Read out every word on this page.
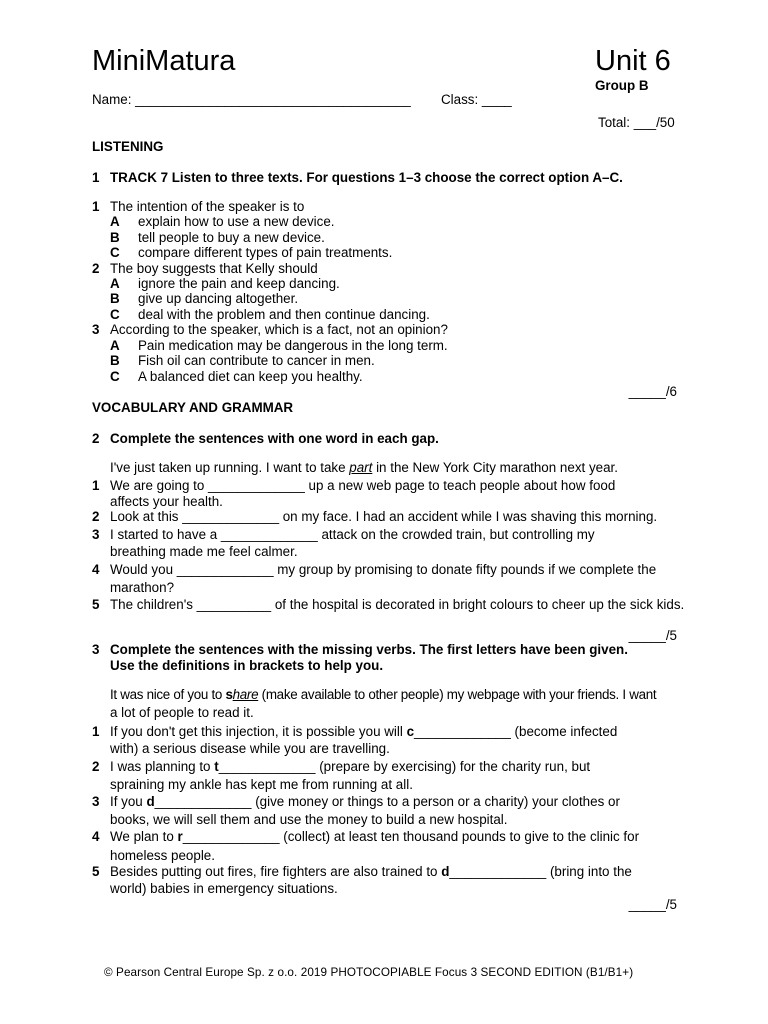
MiniMatura	Unit 6
Group B
Name: _____________________________________ Class: ____
Total: ___/50
LISTENING
1 TRACK 7 Listen to three texts. For questions 1–3 choose the correct option A–C.
1 The intention of the speaker is to
A explain how to use a new device.
B tell people to buy a new device.
C compare different types of pain treatments.
2 The boy suggests that Kelly should
A ignore the pain and keep dancing.
B give up dancing altogether.
C deal with the problem and then continue dancing.
3 According to the speaker, which is a fact, not an opinion?
A Pain medication may be dangerous in the long term.
B Fish oil can contribute to cancer in men.
C A balanced diet can keep you healthy.
_____/6
VOCABULARY AND GRAMMAR
2 Complete the sentences with one word in each gap.
I've just taken up running. I want to take part in the New York City marathon next year.
1 We are going to _____________ up a new web page to teach people about how food
affects your health.
2 Look at this _____________ on my face. I had an accident while I was shaving this morning.
3 I started to have a _____________ attack on the crowded train, but controlling my
breathing made me feel calmer.
4 Would you _____________ my group by promising to donate fifty pounds if we complete the
marathon?
5 The children's __________ of the hospital is decorated in bright colours to cheer up the sick kids.
_____/5
3 Complete the sentences with the missing verbs. The first letters have been given.
Use the definitions in brackets to help you.
It was nice of you to share (make available to other people) my webpage with your friends. I want
a lot of people to read it.
1 If you don't get this injection, it is possible you will c_____________ (become infected
with) a serious disease while you are travelling.
2 I was planning to t_____________ (prepare by exercising) for the charity run, but
spraining my ankle has kept me from running at all.
3 If you d_____________ (give money or things to a person or a charity) your clothes or
books, we will sell them and use the money to build a new hospital.
4 We plan to r_____________ (collect) at least ten thousand pounds to give to the clinic for
homeless people.
5 Besides putting out fires, fire fighters are also trained to d_____________ (bring into the
world) babies in emergency situations.
_____/5
© Pearson Central Europe Sp. z o.o. 2019 PHOTOCOPIABLE Focus 3 SECOND EDITION (B1/B1+)
